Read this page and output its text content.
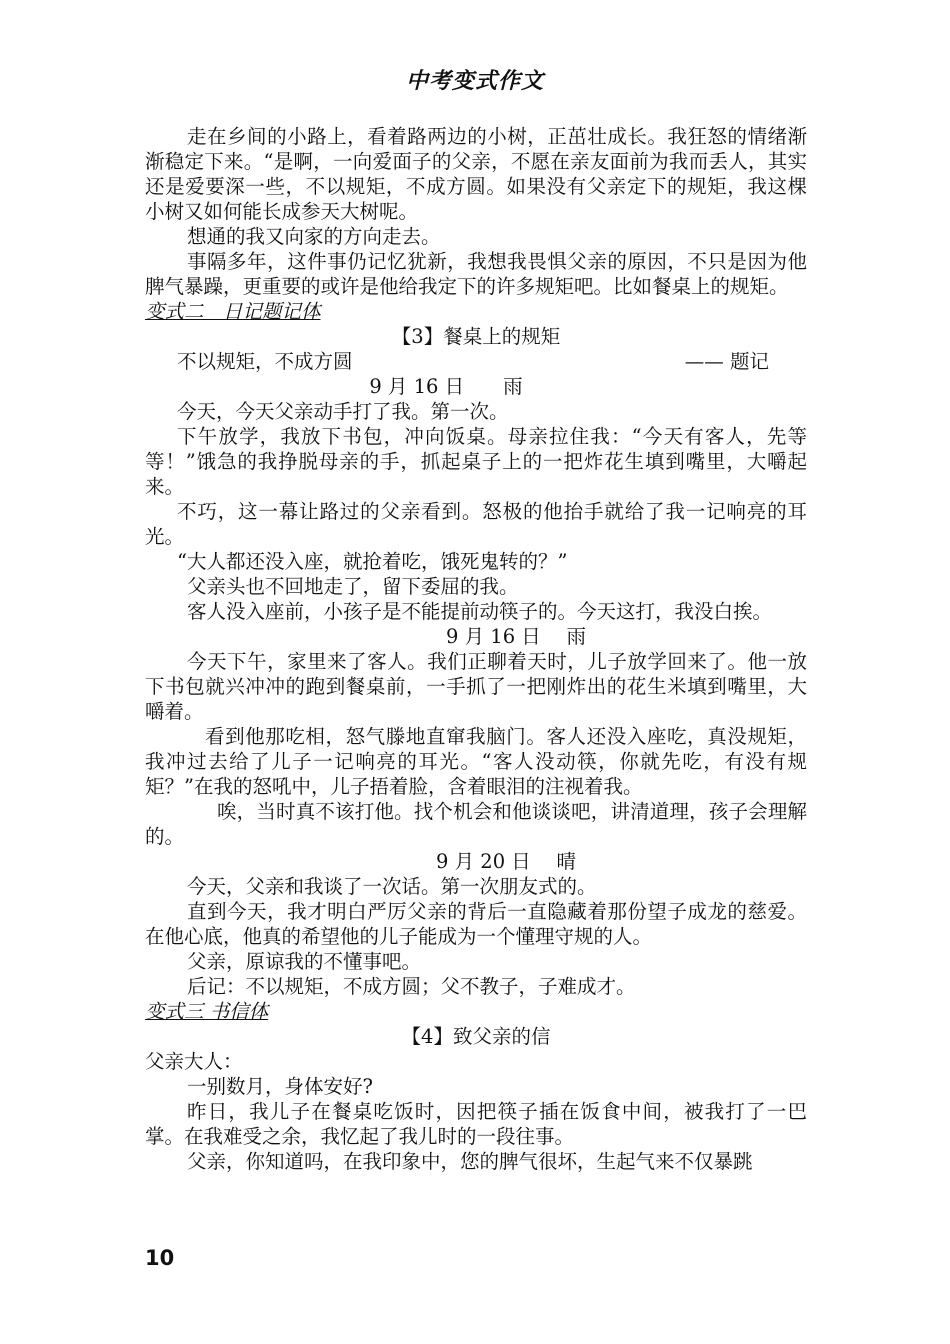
中考变式作文

走在乡间的小路上，看着路两边的小树，正茁壮成长。我狂怒的情绪渐渐稳定下来。“是啊，一向爱面子的父亲，不愿在亲友面前为我而丢人，其实还是爱要深一些，不以规矩，不成方圆。如果没有父亲定下的规矩，我这棵小树又如何能长成参天大树呢。

想通的我又向家的方向走去。

事隔多年，这件事仍记忆犹新，我想我畏惧父亲的原因，不只是因为他脾气暴躁，更重要的或许是他给我定下的许多规矩吧。比如餐桌上的规矩。

变式二　日记题记体
【3】餐桌上的规矩
不以规矩，不成方圆	—— 题记
9 月 16 日　　雨

今天，今天父亲动手打了我。第一次。

下午放学，我放下书包，冲向饭桌。母亲拉住我：“今天有客人，先等等！”饿急的我挣脱母亲的手，抓起桌子上的一把炸花生填到嘴里，大嚼起来。

不巧，这一幕让路过的父亲看到。怒极的他抬手就给了我一记响亮的耳光。

“大人都还没入座，就抢着吃，饿死鬼转的？”

父亲头也不回地走了，留下委屈的我。

客人没入座前，小孩子是不能提前动筷子的。今天这打，我没白挨。

9 月 16 日　 雨

今天下午，家里来了客人。我们正聊着天时，儿子放学回来了。他一放下书包就兴冲冲的跑到餐桌前，一手抓了一把刚炸出的花生米填到嘴里，大嚼着。

看到他那吃相，怒气滕地直窜我脑门。客人还没入座吃，真没规矩，我冲过去给了儿子一记响亮的耳光。“客人没动筷，你就先吃，有没有规矩？”在我的怒吼中，儿子捂着脸，含着眼泪的注视着我。

唉，当时真不该打他。找个机会和他谈谈吧，讲清道理，孩子会理解的。

9 月 20 日　 晴

今天，父亲和我谈了一次话。第一次朋友式的。

直到今天，我才明白严厉父亲的背后一直隐藏着那份望子成龙的慈爱。在他心底，他真的希望他的儿子能成为一个懂理守规的人。

父亲，原谅我的不懂事吧。

后记：不以规矩，不成方圆；父不教子，子难成才。

变式三 书信体
【4】致父亲的信

父亲大人：

一别数月，身体安好?

昨日，我儿子在餐桌吃饭时，因把筷子插在饭食中间，被我打了一巴掌。在我难受之余，我忆起了我儿时的一段往事。

父亲，你知道吗，在我印象中，您的脾气很坏，生起气来不仅暴跳

10
